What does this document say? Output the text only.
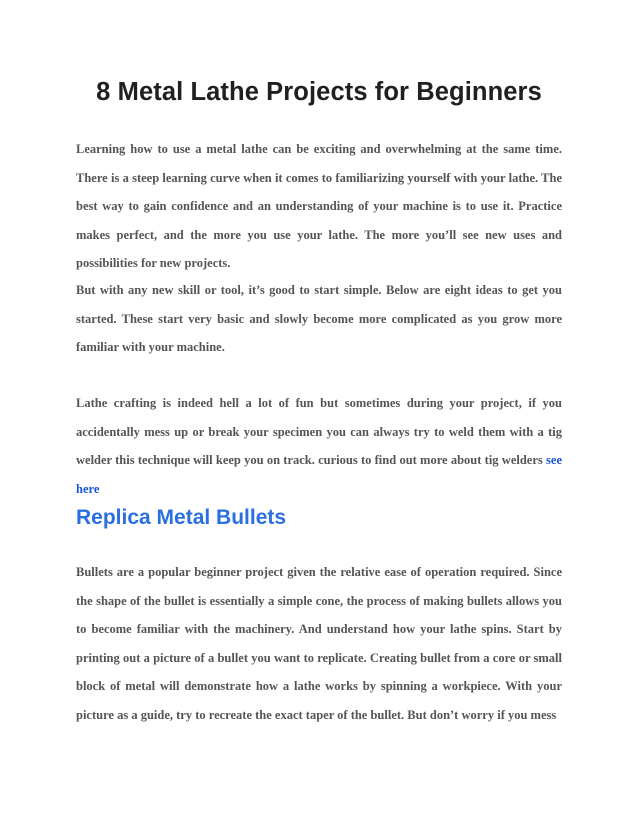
8 Metal Lathe Projects for Beginners

Learning how to use a metal lathe can be exciting and overwhelming at the same time. There is a steep learning curve when it comes to familiarizing yourself with your lathe. The best way to gain confidence and an understanding of your machine is to use it. Practice makes perfect, and the more you use your lathe. The more you’ll see new uses and possibilities for new projects.

But with any new skill or tool, it’s good to start simple. Below are eight ideas to get you started. These start very basic and slowly become more complicated as you grow more familiar with your machine.

Lathe crafting is indeed hell a lot of fun but sometimes during your project, if you accidentally mess up or break your specimen you can always try to weld them with a tig welder this technique will keep you on track. curious to find out more about tig welders see here

Replica Metal Bullets

Bullets are a popular beginner project given the relative ease of operation required. Since the shape of the bullet is essentially a simple cone, the process of making bullets allows you to become familiar with the machinery. And understand how your lathe spins. Start by printing out a picture of a bullet you want to replicate. Creating bullet from a core or small block of metal will demonstrate how a lathe works by spinning a workpiece. With your picture as a guide, try to recreate the exact taper of the bullet. But don’t worry if you mess
